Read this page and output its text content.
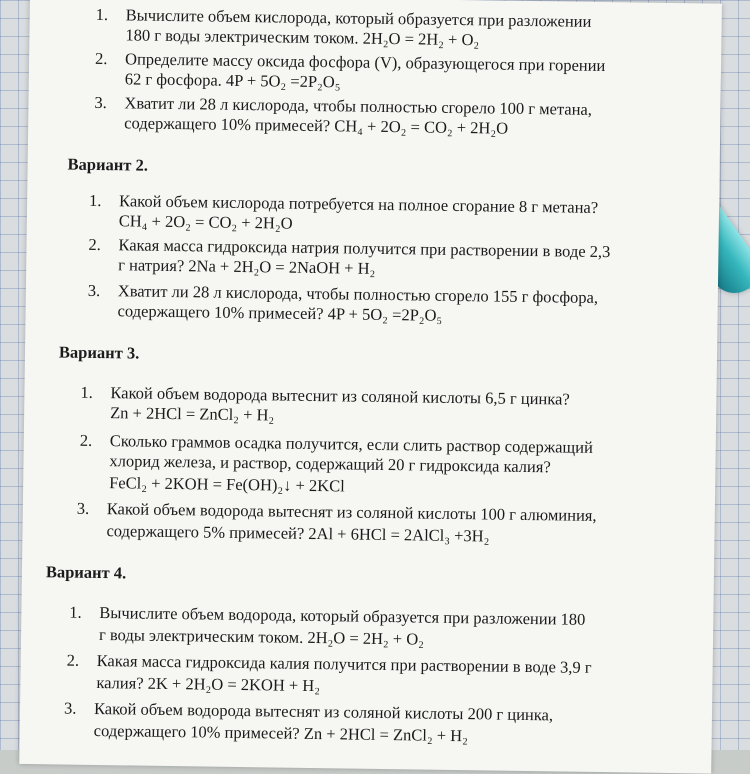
1. Вычислите объем кислорода, который образуется при разложении
180 г воды электрическим током. 2H₂O = 2H₂ + O₂
2. Определите массу оксида фосфора (V), образующегося при горении
62 г фосфора. 4P + 5O₂ =2P₂O₅
3. Хватит ли 28 л кислорода, чтобы полностью сгорело 100 г метана,
содержащего 10% примесей? CH₄ + 2O₂ = CO₂ + 2H₂O
Вариант 2.
1. Какой объем кислорода потребуется на полное сгорание 8 г метана?
CH₄ + 2O₂ = CO₂ + 2H₂O
2. Какая масса гидроксида натрия получится при растворении в воде 2,3
г натрия? 2Na + 2H₂O = 2NaOH + H₂
3. Хватит ли 28 л кислорода, чтобы полностью сгорело 155 г фосфора,
содержащего 10% примесей? 4P + 5O₂ =2P₂O₅
Вариант 3.
1. Какой объем водорода вытеснит из соляной кислоты 6,5 г цинка?
Zn + 2HCl = ZnCl₂ + H₂
2. Сколько граммов осадка получится, если слить раствор содержащий
хлорид железа, и раствор, содержащий 20 г гидроксида калия?
FeCl₂ + 2KOH = Fe(OH)₂↓ + 2KCl
3. Какой объем водорода вытеснят из соляной кислоты 100 г алюминия,
содержащего 5% примесей? 2Al + 6HCl = 2AlCl₃ +3H₂
Вариант 4.
1. Вычислите объем водорода, который образуется при разложении 180
г воды электрическим током. 2H₂O = 2H₂ + O₂
2. Какая масса гидроксида калия получится при растворении в воде 3,9 г
калия? 2K + 2H₂O = 2KOH + H₂
3. Какой объем водорода вытеснят из соляной кислоты 200 г цинка,
содержащего 10% примесей? Zn + 2HCl = ZnCl₂ + H₂
